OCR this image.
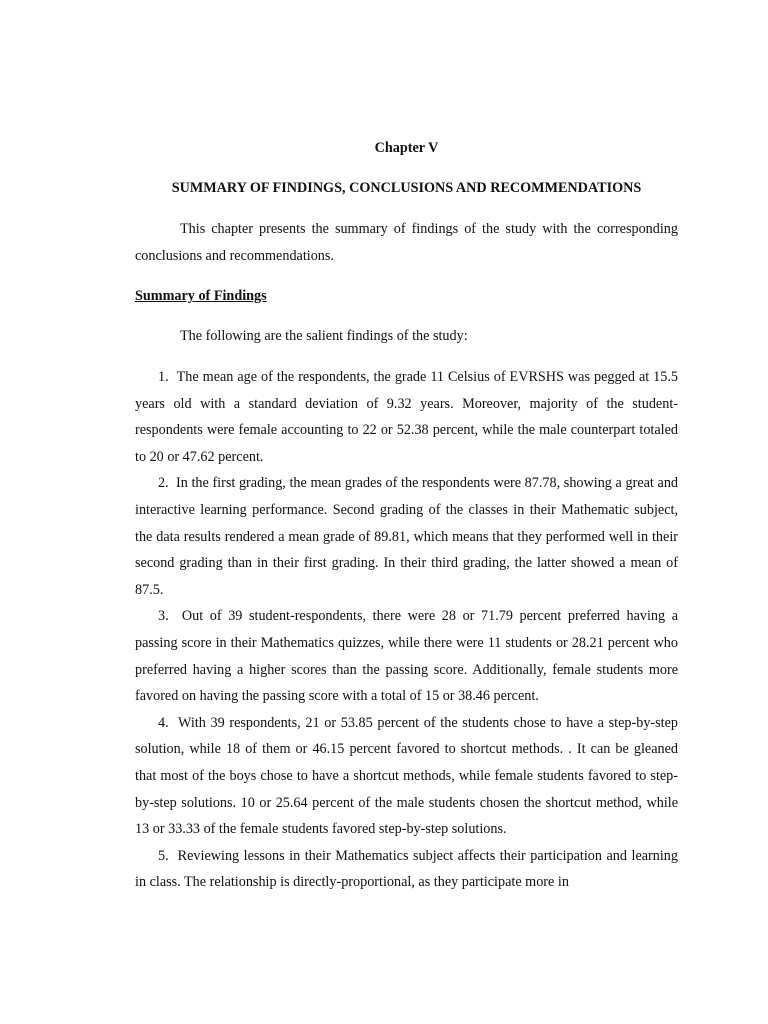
Chapter V

SUMMARY OF FINDINGS, CONCLUSIONS AND RECOMMENDATIONS

This chapter presents the summary of findings of the study with the corresponding conclusions and recommendations.

Summary of Findings

The following are the salient findings of the study:

1. The mean age of the respondents, the grade 11 Celsius of EVRSHS was pegged at 15.5 years old with a standard deviation of 9.32 years. Moreover, majority of the student-respondents were female accounting to 22 or 52.38 percent, while the male counterpart totaled to 20 or 47.62 percent.
2. In the first grading, the mean grades of the respondents were 87.78, showing a great and interactive learning performance. Second grading of the classes in their Mathematic subject, the data results rendered a mean grade of 89.81, which means that they performed well in their second grading than in their first grading. In their third grading, the latter showed a mean of 87.5.
3. Out of 39 student-respondents, there were 28 or 71.79 percent preferred having a passing score in their Mathematics quizzes, while there were 11 students or 28.21 percent who preferred having a higher scores than the passing score. Additionally, female students more favored on having the passing score with a total of 15 or 38.46 percent.
4. With 39 respondents, 21 or 53.85 percent of the students chose to have a step-by-step solution, while 18 of them or 46.15 percent favored to shortcut methods. . It can be gleaned that most of the boys chose to have a shortcut methods, while female students favored to step-by-step solutions. 10 or 25.64 percent of the male students chosen the shortcut method, while 13 or 33.33 of the female students favored step-by-step solutions.
5. Reviewing lessons in their Mathematics subject affects their participation and learning in class. The relationship is directly-proportional, as they participate more in
